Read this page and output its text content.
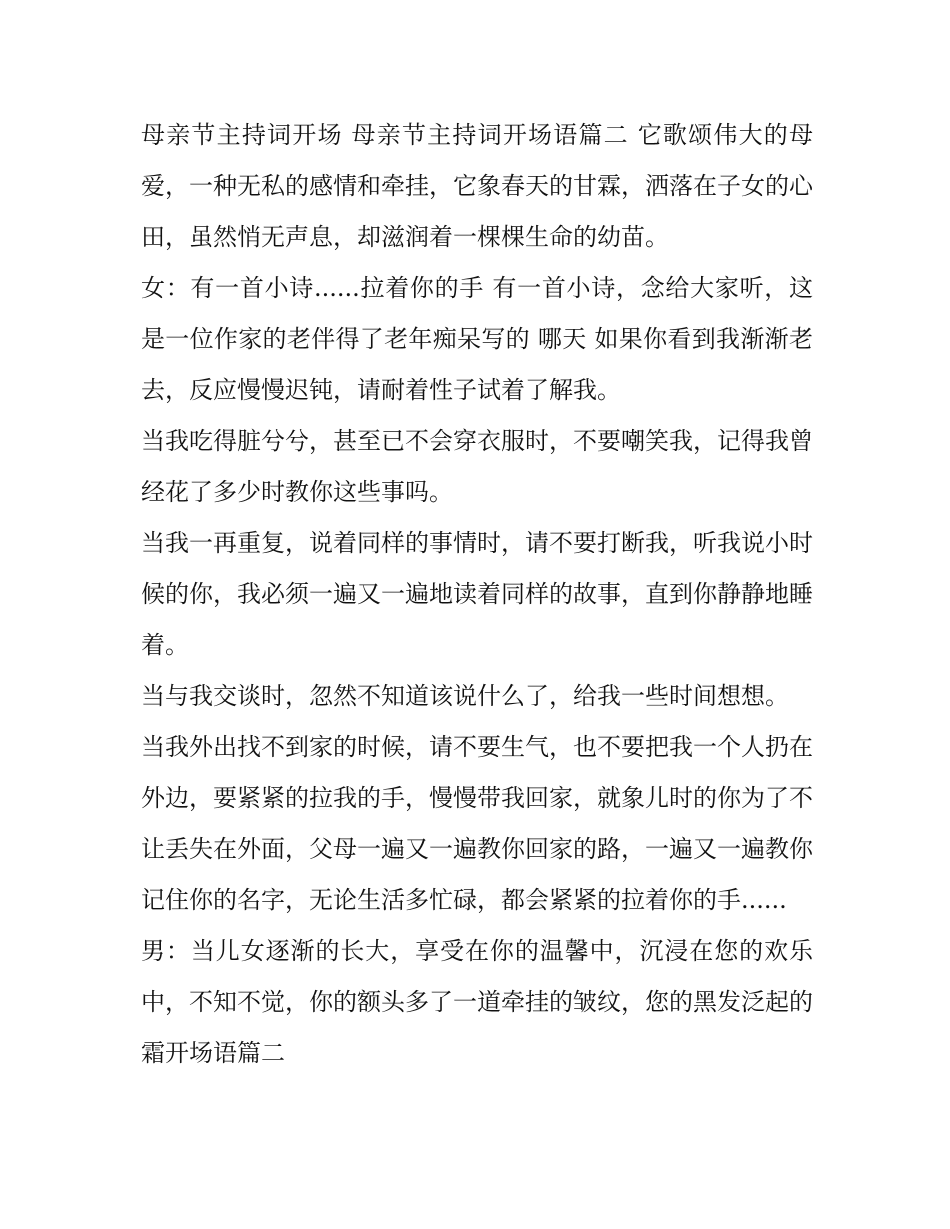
母亲节主持词开场 母亲节主持词开场语篇二 它歌颂伟大的母爱，一种无私的感情和牵挂，它象春天的甘霖，洒落在子女的心田，虽然悄无声息，却滋润着一棵棵生命的幼苗。

女：有一首小诗......拉着你的手 有一首小诗，念给大家听，这是一位作家的老伴得了老年痴呆写的 哪天 如果你看到我渐渐老去，反应慢慢迟钝，请耐着性子试着了解我。

当我吃得脏兮兮，甚至已不会穿衣服时，不要嘲笑我，记得我曾经花了多少时教你这些事吗。

当我一再重复，说着同样的事情时，请不要打断我，听我说小时候的你，我必须一遍又一遍地读着同样的故事，直到你静静地睡着。

当与我交谈时，忽然不知道该说什么了，给我一些时间想想。

当我外出找不到家的时候，请不要生气，也不要把我一个人扔在外边，要紧紧的拉我的手，慢慢带我回家，就象儿时的你为了不让丢失在外面，父母一遍又一遍教你回家的路，一遍又一遍教你记住你的名字，无论生活多忙碌，都会紧紧的拉着你的手......

男：当儿女逐渐的长大，享受在你的温馨中，沉浸在您的欢乐中，不知不觉，你的额头多了一道牵挂的皱纹，您的黑发泛起的霜开场语篇二
